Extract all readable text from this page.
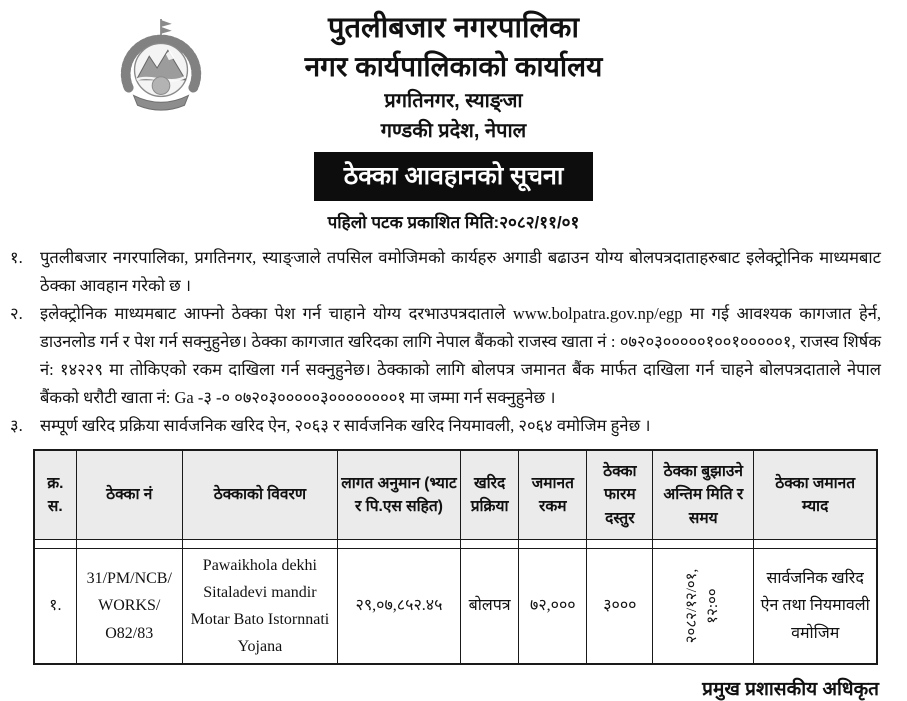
पुतलीबजार नगरपालिका
नगर कार्यपालिकाको कार्यालय
प्रगतिनगर, स्याङ्जा
गण्डकी प्रदेश, नेपाल
ठेक्का आवहानको सूचना
पहिलो पटक प्रकाशित मिति:२०८२/११/०१
१.	पुतलीबजार नगरपालिका, प्रगतिनगर, स्याङ्जाले तपसिल वमोजिमको कार्यहरु अगाडी बढाउन योग्य बोलपत्रदाताहरुबाट इलेक्ट्रोनिक माध्यमबाट ठेक्का आवहान गरेको छ ।
२.	इलेक्ट्रोनिक माध्यमबाट आफ्नो ठेक्का पेश गर्न चाहाने योग्य दरभाउपत्रदाताले www.bolpatra.gov.np/egp मा गई आवश्यक कागजात हेर्न, डाउनलोड गर्न र पेश गर्न सक्नुहुनेछ। ठेक्का कागजात खरिदका लागि नेपाल बैंकको राजस्व खाता नं : ०७२०३०००००१००१०००००१, राजस्व शिर्षक नं: १४२२९ मा तोकिएको रकम दाखिला गर्न सक्नुहुनेछ। ठेक्काको लागि बोलपत्र जमानत बैंक मार्फत दाखिला गर्न चाहने बोलपत्रदाताले नेपाल बैंकको धरौटी खाता नं: Ga -३ -० ०७२०३०००००३००००००००१ मा जम्मा गर्न सक्नुहुनेछ ।
३.	सम्पूर्ण खरिद प्रक्रिया सार्वजनिक खरिद ऐन, २०६३ र सार्वजनिक खरिद नियमावली, २०६४ वमोजिम हुनेछ ।
क्र. स.	ठेक्का नं	ठेक्काको विवरण	लागत अनुमान (भ्याट र पि.एस सहित)	खरिद प्रक्रिया	जमानत रकम	ठेक्का फारम दस्तुर	ठेक्का बुझाउने अन्तिम मिति र समय	ठेक्का जमानत म्याद

१.	31/PM/NCB/ WORKS/ O82/83	Pawaikhola dekhi Sitaladevi mandir Motar Bato Istornnati Yojana	२९,०७,८५२.४५	बोलपत्र	७२,०००	३०००	२०८२/१२/०१, १२:००	सार्वजनिक खरिद ऐन तथा नियमावली वमोजिम
प्रमुख प्रशासकीय अधिकृत
